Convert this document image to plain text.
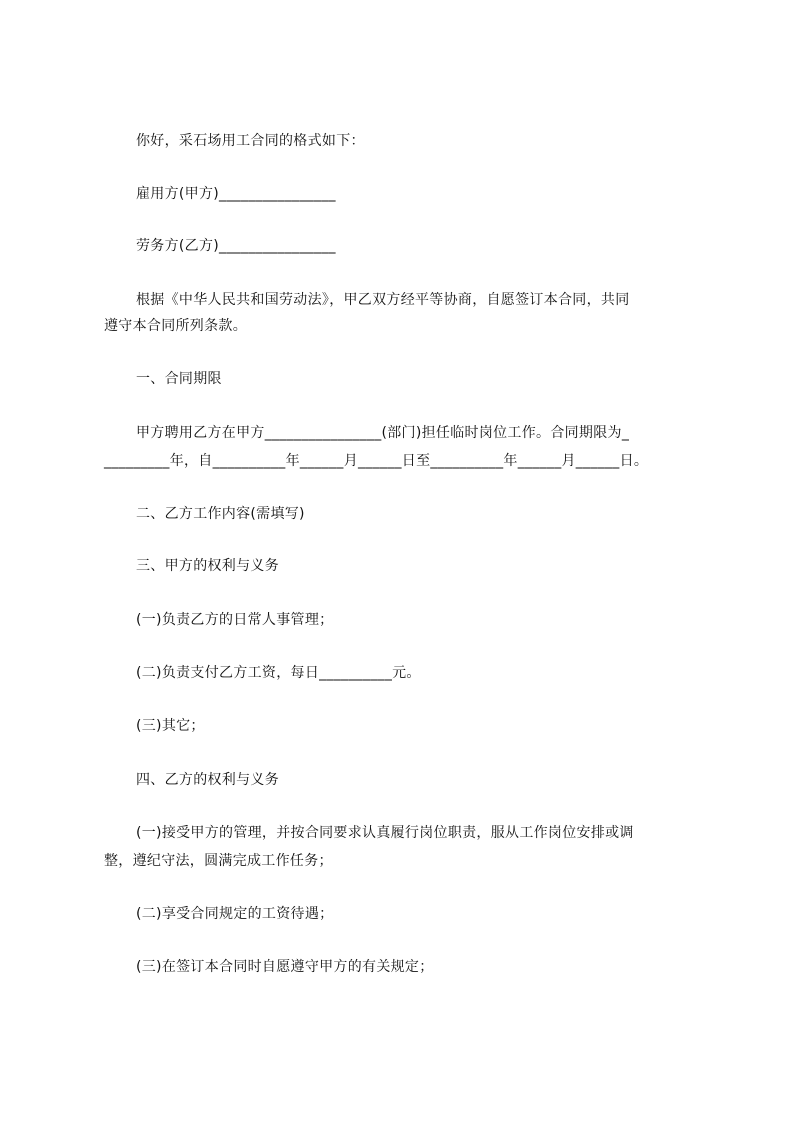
你好，采石场用工合同的格式如下：
雇用方(甲方)________________
劳务方(乙方)________________
根据《中华人民共和国劳动法》，甲乙双方经平等协商，自愿签订本合同，共同
遵守本合同所列条款。
一、合同期限
甲方聘用乙方在甲方________________(部门)担任临时岗位工作。合同期限为_
_________年，自__________年______月______日至__________年______月______日。
二、乙方工作内容(需填写)
三、甲方的权利与义务
(一)负责乙方的日常人事管理；
(二)负责支付乙方工资，每日__________元。
(三)其它；
四、乙方的权利与义务
(一)接受甲方的管理，并按合同要求认真履行岗位职责，服从工作岗位安排或调
整，遵纪守法，圆满完成工作任务；
(二)享受合同规定的工资待遇；
(三)在签订本合同时自愿遵守甲方的有关规定；
